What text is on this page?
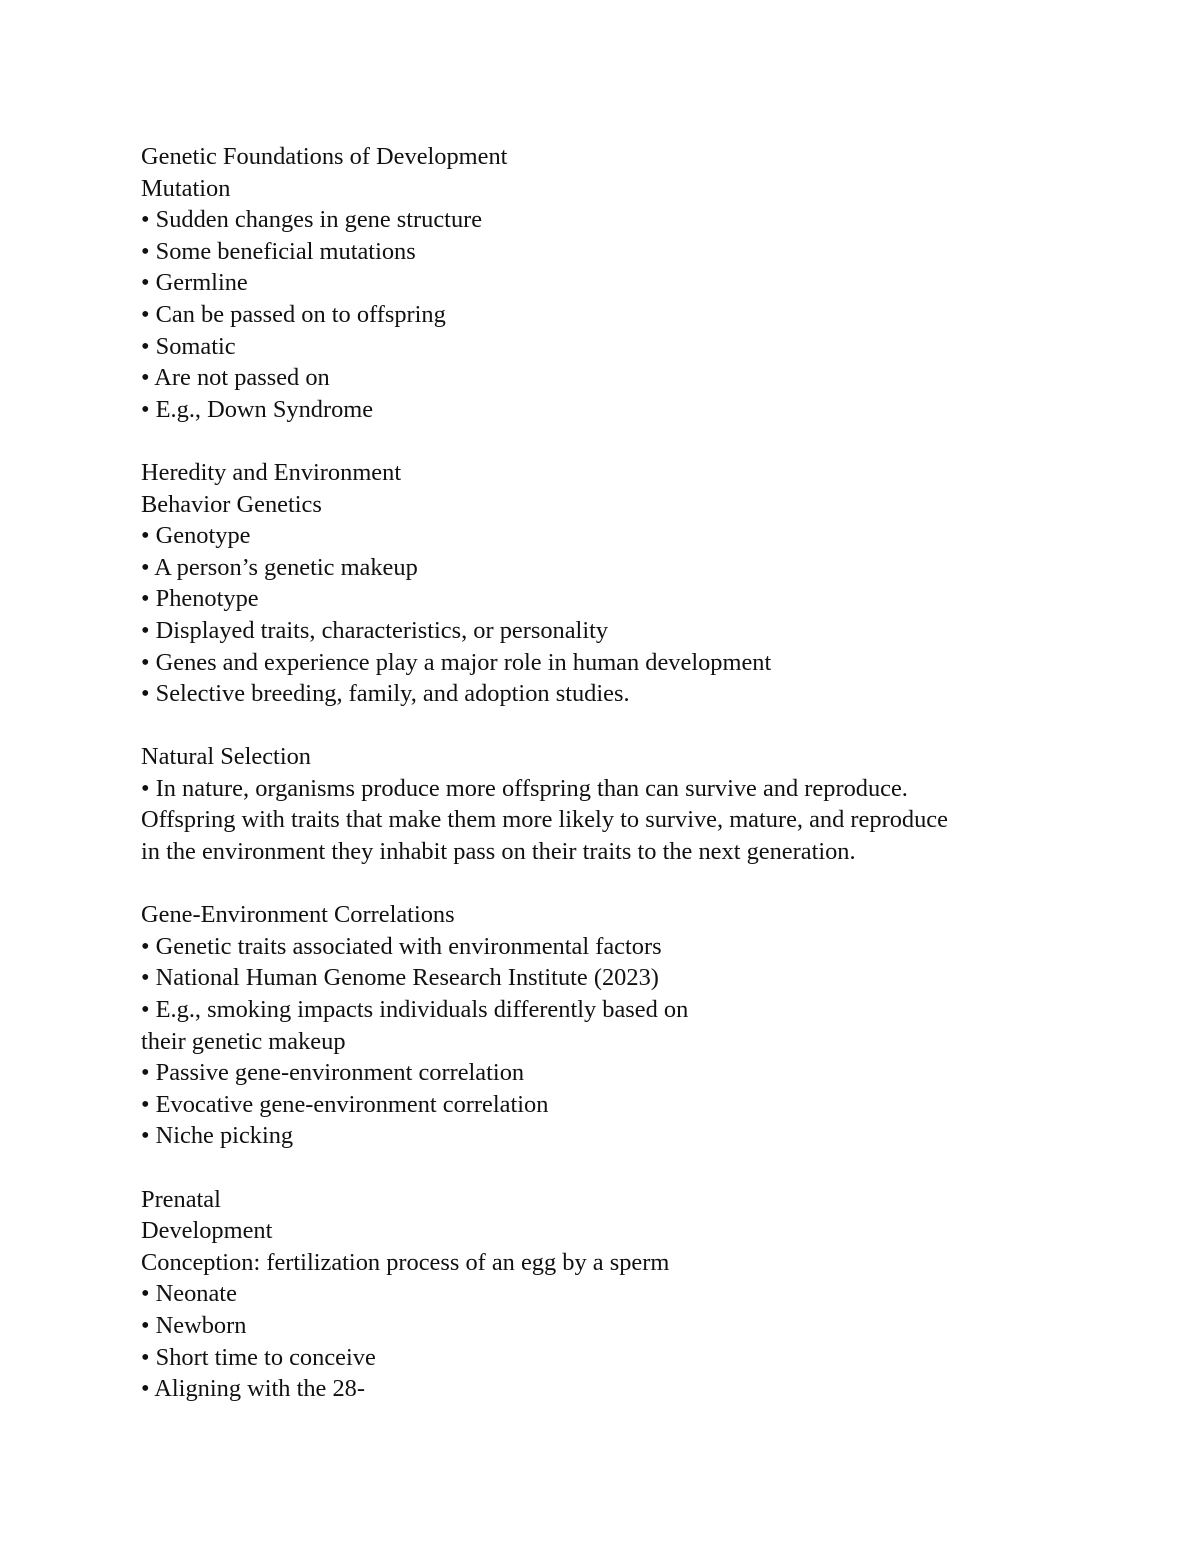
Genetic Foundations of Development

Mutation

• Sudden changes in gene structure

• Some beneficial mutations

• Germline

• Can be passed on to offspring

• Somatic

• Are not passed on

• E.g., Down Syndrome

Heredity and Environment

Behavior Genetics

• Genotype

• A person’s genetic makeup

• Phenotype

• Displayed traits, characteristics, or personality

• Genes and experience play a major role in human development

• Selective breeding, family, and adoption studies.

Natural Selection

• In nature, organisms produce more offspring than can survive and reproduce.

Offspring with traits that make them more likely to survive, mature, and reproduce

in the environment they inhabit pass on their traits to the next generation.

Gene-Environment Correlations

• Genetic traits associated with environmental factors

• National Human Genome Research Institute (2023)

• E.g., smoking impacts individuals differently based on

their genetic makeup

• Passive gene-environment correlation

• Evocative gene-environment correlation

• Niche picking

Prenatal

Development

Conception: fertilization process of an egg by a sperm

• Neonate

• Newborn

• Short time to conceive

• Aligning with the 28-
